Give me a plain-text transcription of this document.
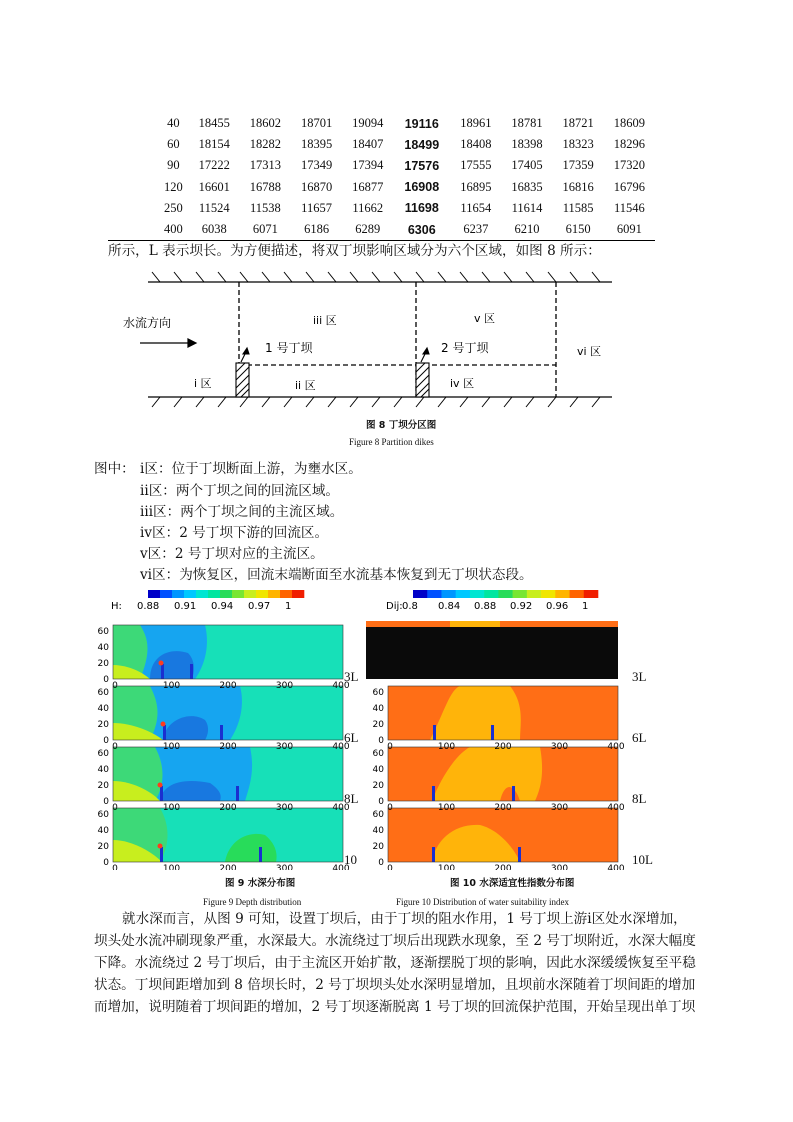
40	18455	18602	18701	19094	19116	18961	18781	18721	18609
60	18154	18282	18395	18407	18499	18408	18398	18323	18296
90	17222	17313	17349	17394	17576	17555	17405	17359	17320
120	16601	16788	16870	16877	16908	16895	16835	16816	16796
250	11524	11538	11657	11662	11698	11654	11614	11585	11546
400	6038	6071	6186	6289	6306	6237	6210	6150	6091
所示，L 表示坝长。为方便描述，将双丁坝影响区域分为六个区域，如图 8 所示：
水流方向
1 号丁坝	2 号丁坝
i 区	ii 区
iii 区
iv 区
v 区
vi 区
图 8 丁坝分区图
Figure 8 Partition dikes
图中： ⅰ区：位于丁坝断面上游，为壅水区。
ⅱ区：两个丁坝之间的回流区域。
ⅲ区：两个丁坝之间的主流区域。
ⅳ区：2 号丁坝下游的回流区。
ⅴ区：2 号丁坝对应的主流区。
ⅵ区：为恢复区，回流末端断面至水流基本恢复到无丁坝状态段。
H:	Dij:
0.88 0.91 0.94 0.97 1	0.8 0.84 0.88 0.92 0.96 1
0
20
40
60
0	100	200	300	400
0
20
40
60
0	100	200	300	400
0
20
40
60
0	100	200	300	400
0
20
40
60
0	100	200	300	400
0
20
40
60
0	100	200	300	400
0
20
40
60
0	100	200	300	400
0
20
40
60
0	100	200	300	400
3L
6L
8L
10
3L
6L
8L
10L
图 9 水深分布图
Figure 9 Depth distribution
图 10 水深适宜性指数分布图
Figure 10 Distribution of water suitability index
就水深而言，从图 9 可知，设置丁坝后，由于丁坝的阻水作用，1 号丁坝上游ⅰ区处水深增加，
坝头处水流冲刷现象严重，水深最大。水流绕过丁坝后出现跌水现象，至 2 号丁坝附近，水深大幅度
下降。水流绕过 2 号丁坝后，由于主流区开始扩散，逐渐摆脱丁坝的影响，因此水深缓缓恢复至平稳
状态。丁坝间距增加到 8 倍坝长时，2 号丁坝坝头处水深明显增加，且坝前水深随着丁坝间距的增加
而增加，说明随着丁坝间距的增加，2 号丁坝逐渐脱离 1 号丁坝的回流保护范围，开始呈现出单丁坝
